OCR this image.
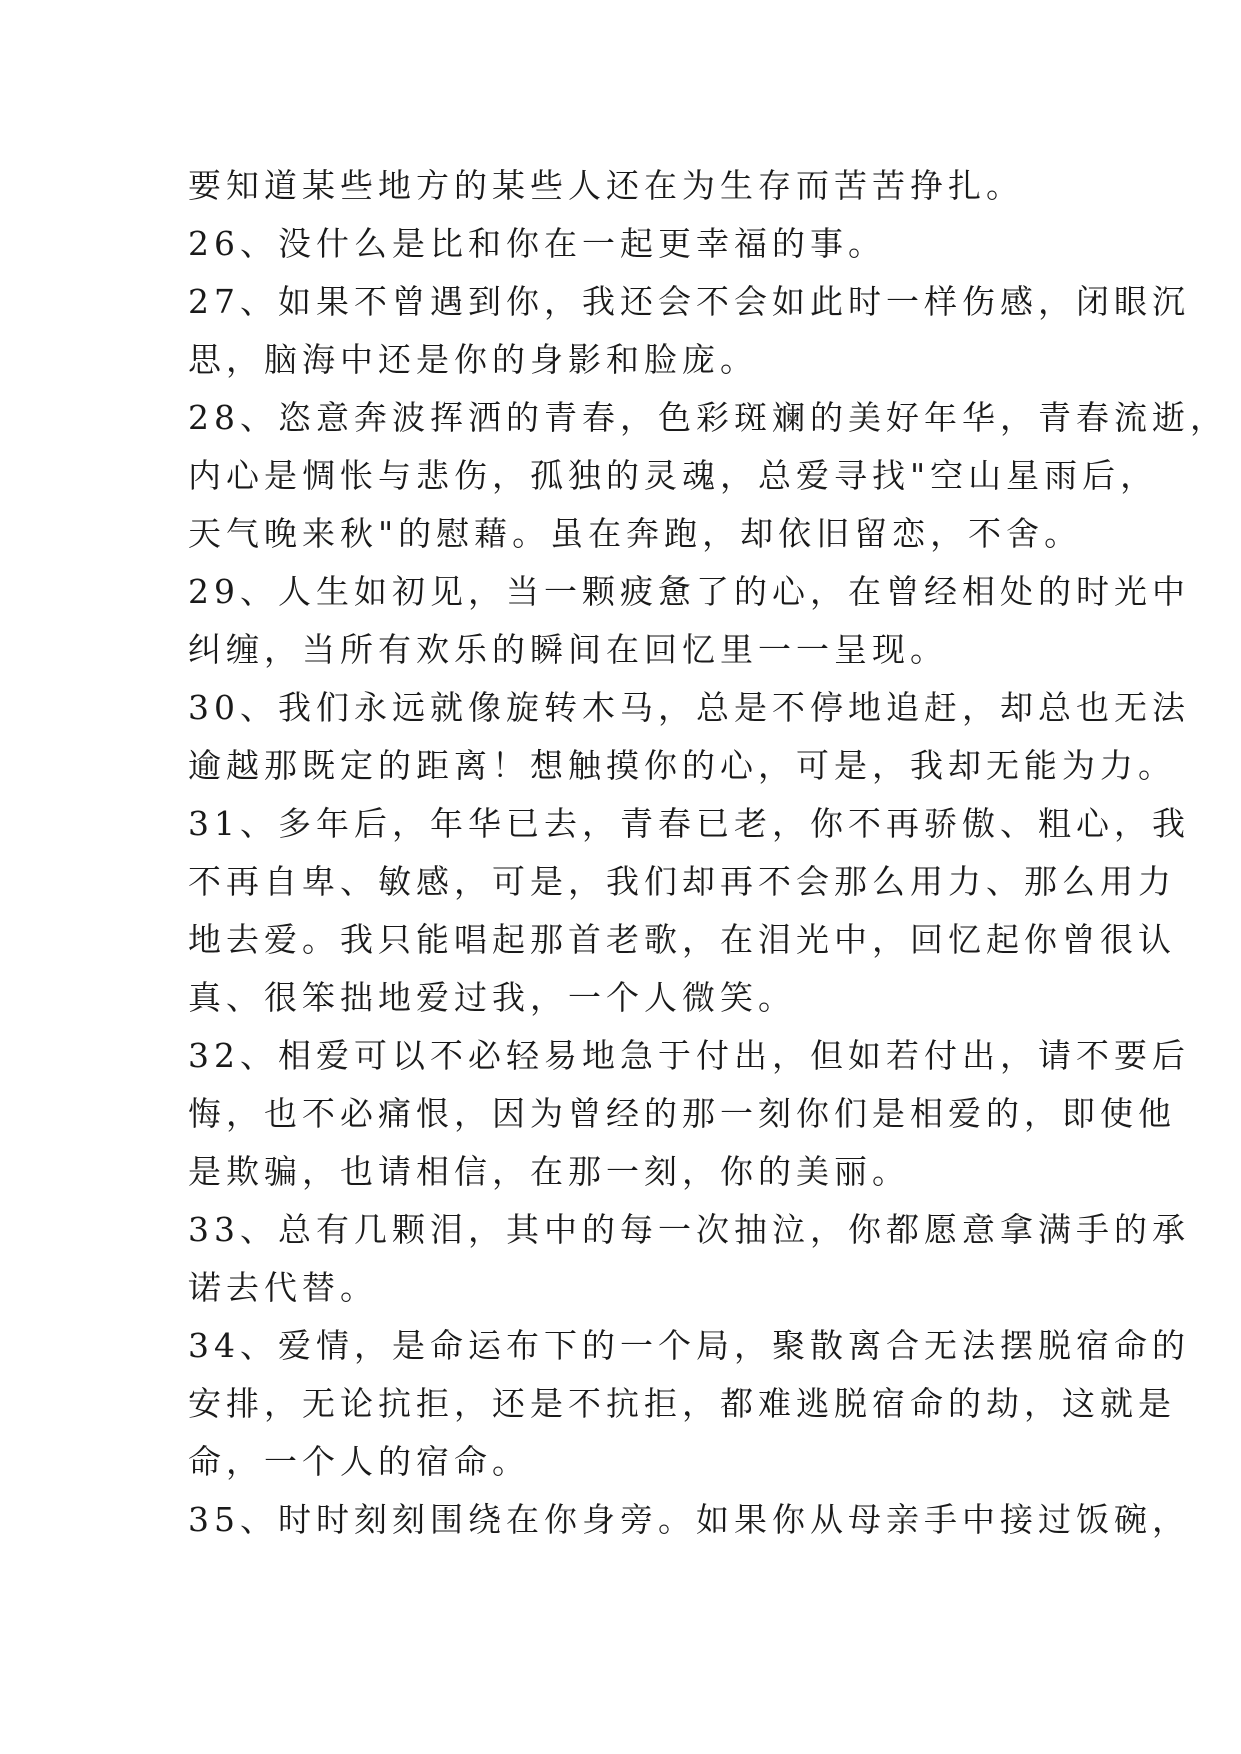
要知道某些地方的某些人还在为生存而苦苦挣扎。
26、没什么是比和你在一起更幸福的事。
27、如果不曾遇到你，我还会不会如此时一样伤感，闭眼沉
思，脑海中还是你的身影和脸庞。
28、恣意奔波挥洒的青春，色彩斑斓的美好年华，青春流逝，
内心是惆怅与悲伤，孤独的灵魂，总爱寻找"空山星雨后，
天气晚来秋"的慰藉。虽在奔跑，却依旧留恋，不舍。
29、人生如初见，当一颗疲惫了的心，在曾经相处的时光中
纠缠，当所有欢乐的瞬间在回忆里一一呈现。
30、我们永远就像旋转木马，总是不停地追赶，却总也无法
逾越那既定的距离！想触摸你的心，可是，我却无能为力。
31、多年后，年华已去，青春已老，你不再骄傲、粗心，我
不再自卑、敏感，可是，我们却再不会那么用力、那么用力
地去爱。我只能唱起那首老歌，在泪光中，回忆起你曾很认
真、很笨拙地爱过我，一个人微笑。
32、相爱可以不必轻易地急于付出，但如若付出，请不要后
悔，也不必痛恨，因为曾经的那一刻你们是相爱的，即使他
是欺骗，也请相信，在那一刻，你的美丽。
33、总有几颗泪，其中的每一次抽泣，你都愿意拿满手的承
诺去代替。
34、爱情，是命运布下的一个局，聚散离合无法摆脱宿命的
安排，无论抗拒，还是不抗拒，都难逃脱宿命的劫，这就是
命，一个人的宿命。
35、时时刻刻围绕在你身旁。如果你从母亲手中接过饭碗，
